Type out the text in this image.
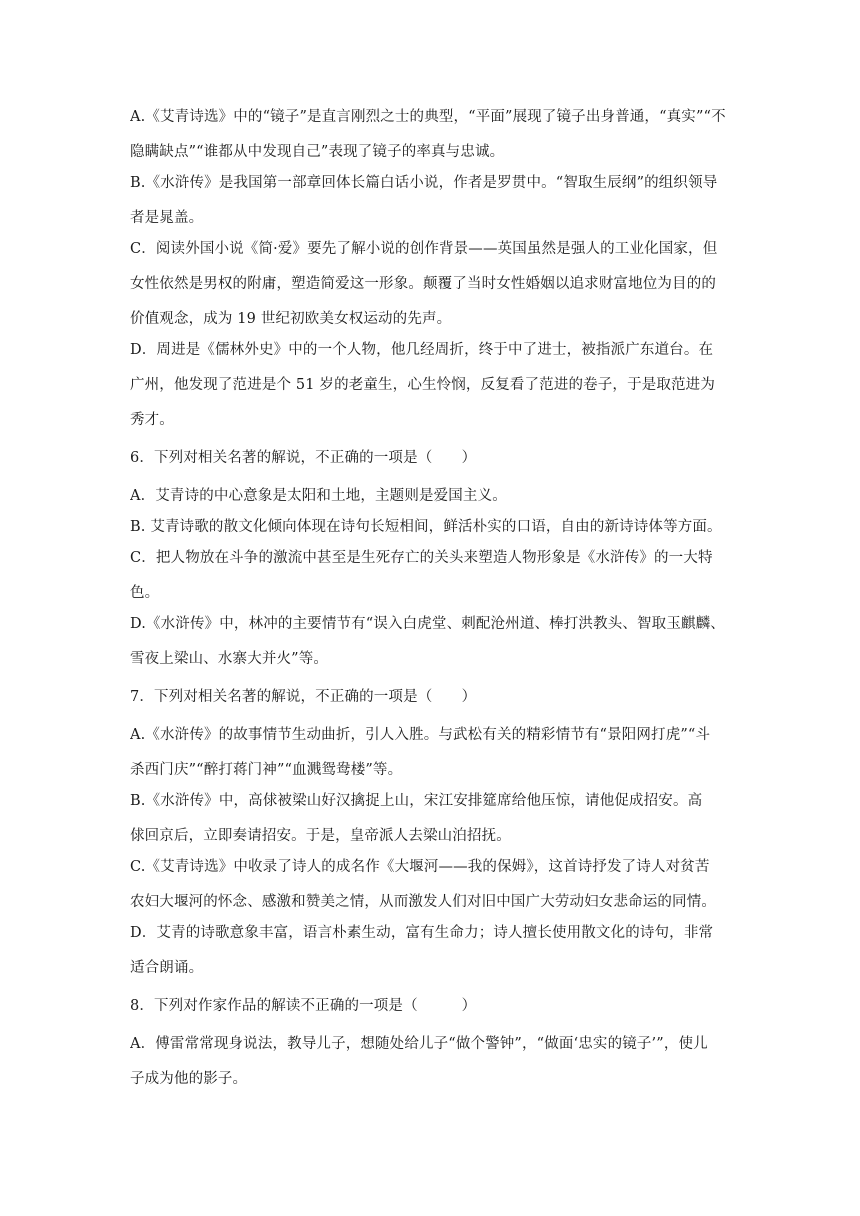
A.《艾青诗选》中的“镜子”是直言刚烈之士的典型，“平面”展现了镜子出身普通，“真实”“不
隐瞒缺点”“谁都从中发现自己”表现了镜子的率真与忠诚。
B.《水浒传》是我国第一部章回体长篇白话小说，作者是罗贯中。“智取生辰纲”的组织领导
者是晁盖。
C．阅读外国小说《简·爱》要先了解小说的创作背景——英国虽然是强人的工业化国家，但
女性依然是男权的附庸，塑造简爱这一形象。颠覆了当时女性婚姻以追求财富地位为目的的
价值观念，成为 19 世纪初欧美女权运动的先声。
D．周进是《儒林外史》中的一个人物，他几经周折，终于中了进士，被指派广东道台。在
广州，他发现了范进是个 51 岁的老童生，心生怜悯，反复看了范进的卷子，于是取范进为
秀才。
6．下列对相关名著的解说，不正确的一项是（　　）
A．艾青诗的中心意象是太阳和土地，主题则是爱国主义。
B. 艾青诗歌的散文化倾向体现在诗句长短相间，鲜活朴实的口语，自由的新诗诗体等方面。
C．把人物放在斗争的激流中甚至是生死存亡的关头来塑造人物形象是《水浒传》的一大特
色。
D.《水浒传》中，林冲的主要情节有“误入白虎堂、刺配沧州道、棒打洪教头、智取玉麒麟、
雪夜上梁山、水寨大并火”等。
7．下列对相关名著的解说，不正确的一项是（　　）
A.《水浒传》的故事情节生动曲折，引人入胜。与武松有关的精彩情节有“景阳网打虎”“斗
杀西门庆”“醉打蒋门神”“血溅鸳鸯楼”等。
B.《水浒传》中，高俅被梁山好汉擒捉上山，宋江安排筵席给他压惊，请他促成招安。高
俅回京后，立即奏请招安。于是，皇帝派人去梁山泊招抚。
C.《艾青诗选》中收录了诗人的成名作《大堰河——我的保姆》，这首诗抒发了诗人对贫苦
农妇大堰河的怀念、感激和赞美之情，从而激发人们对旧中国广大劳动妇女悲命运的同情。
D．艾青的诗歌意象丰富，语言朴素生动，富有生命力；诗人擅长使用散文化的诗句，非常
适合朗诵。
8．下列对作家作品的解读不正确的一项是（　　　）
A．傅雷常常现身说法，教导儿子，想随处给儿子“做个警钟”，“做面‘忠实的镜子’”，使儿
子成为他的影子。
